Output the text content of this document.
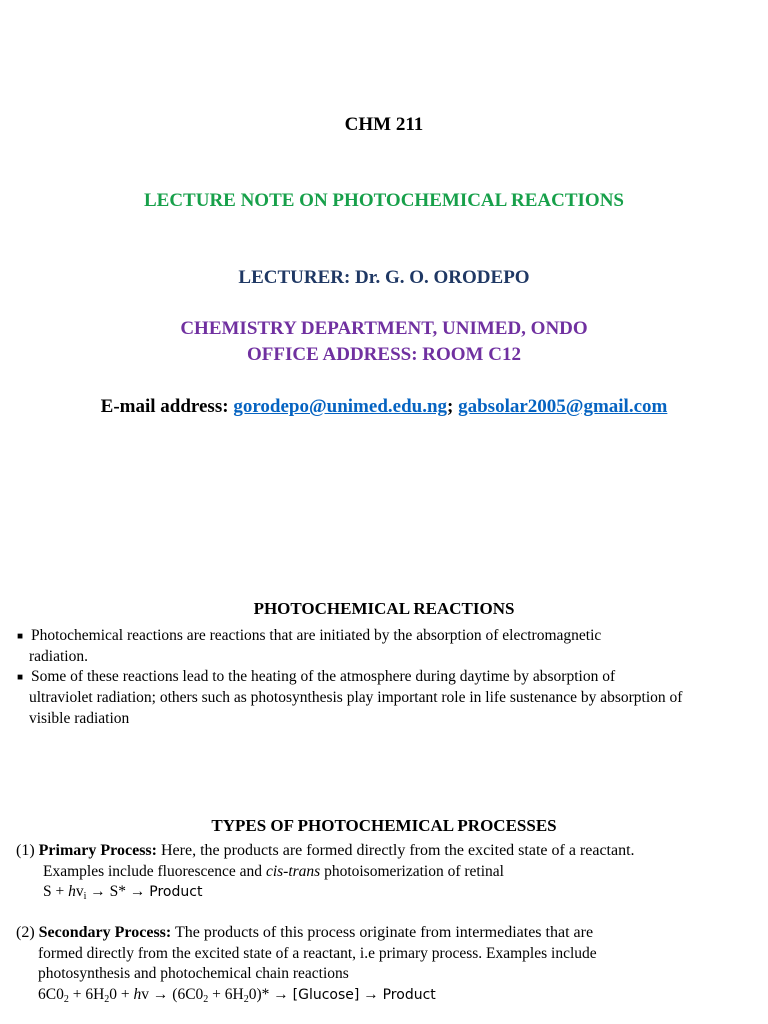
CHM 211
LECTURE NOTE ON PHOTOCHEMICAL REACTIONS
LECTURER: Dr. G. O. ORODEPO
CHEMISTRY DEPARTMENT, UNIMED, ONDO
OFFICE ADDRESS: ROOM C12
E-mail address: gorodepo@unimed.edu.ng; gabsolar2005@gmail.com
PHOTOCHEMICAL REACTIONS
■ Photochemical reactions are reactions that are initiated by the absorption of electromagnetic
radiation.
■ Some of these reactions lead to the heating of the atmosphere during daytime by absorption of
ultraviolet radiation; others such as photosynthesis play important role in life sustenance by absorption of
visible radiation
TYPES OF PHOTOCHEMICAL PROCESSES
(1) Primary Process: Here, the products are formed directly from the excited state of a reactant.
Examples include fluorescence and cis-trans photoisomerization of retinal
$S + hv_i \to S*$ → Product
(2) Secondary Process: The products of this process originate from intermediates that are
formed directly from the excited state of a reactant, i.e primary process. Examples include
photosynthesis and photochemical chain reactions
$6C0_2 + 6H_20$ + hv → $(6C0_2 + 6H_20)* \to [Glucose]$ → Product
